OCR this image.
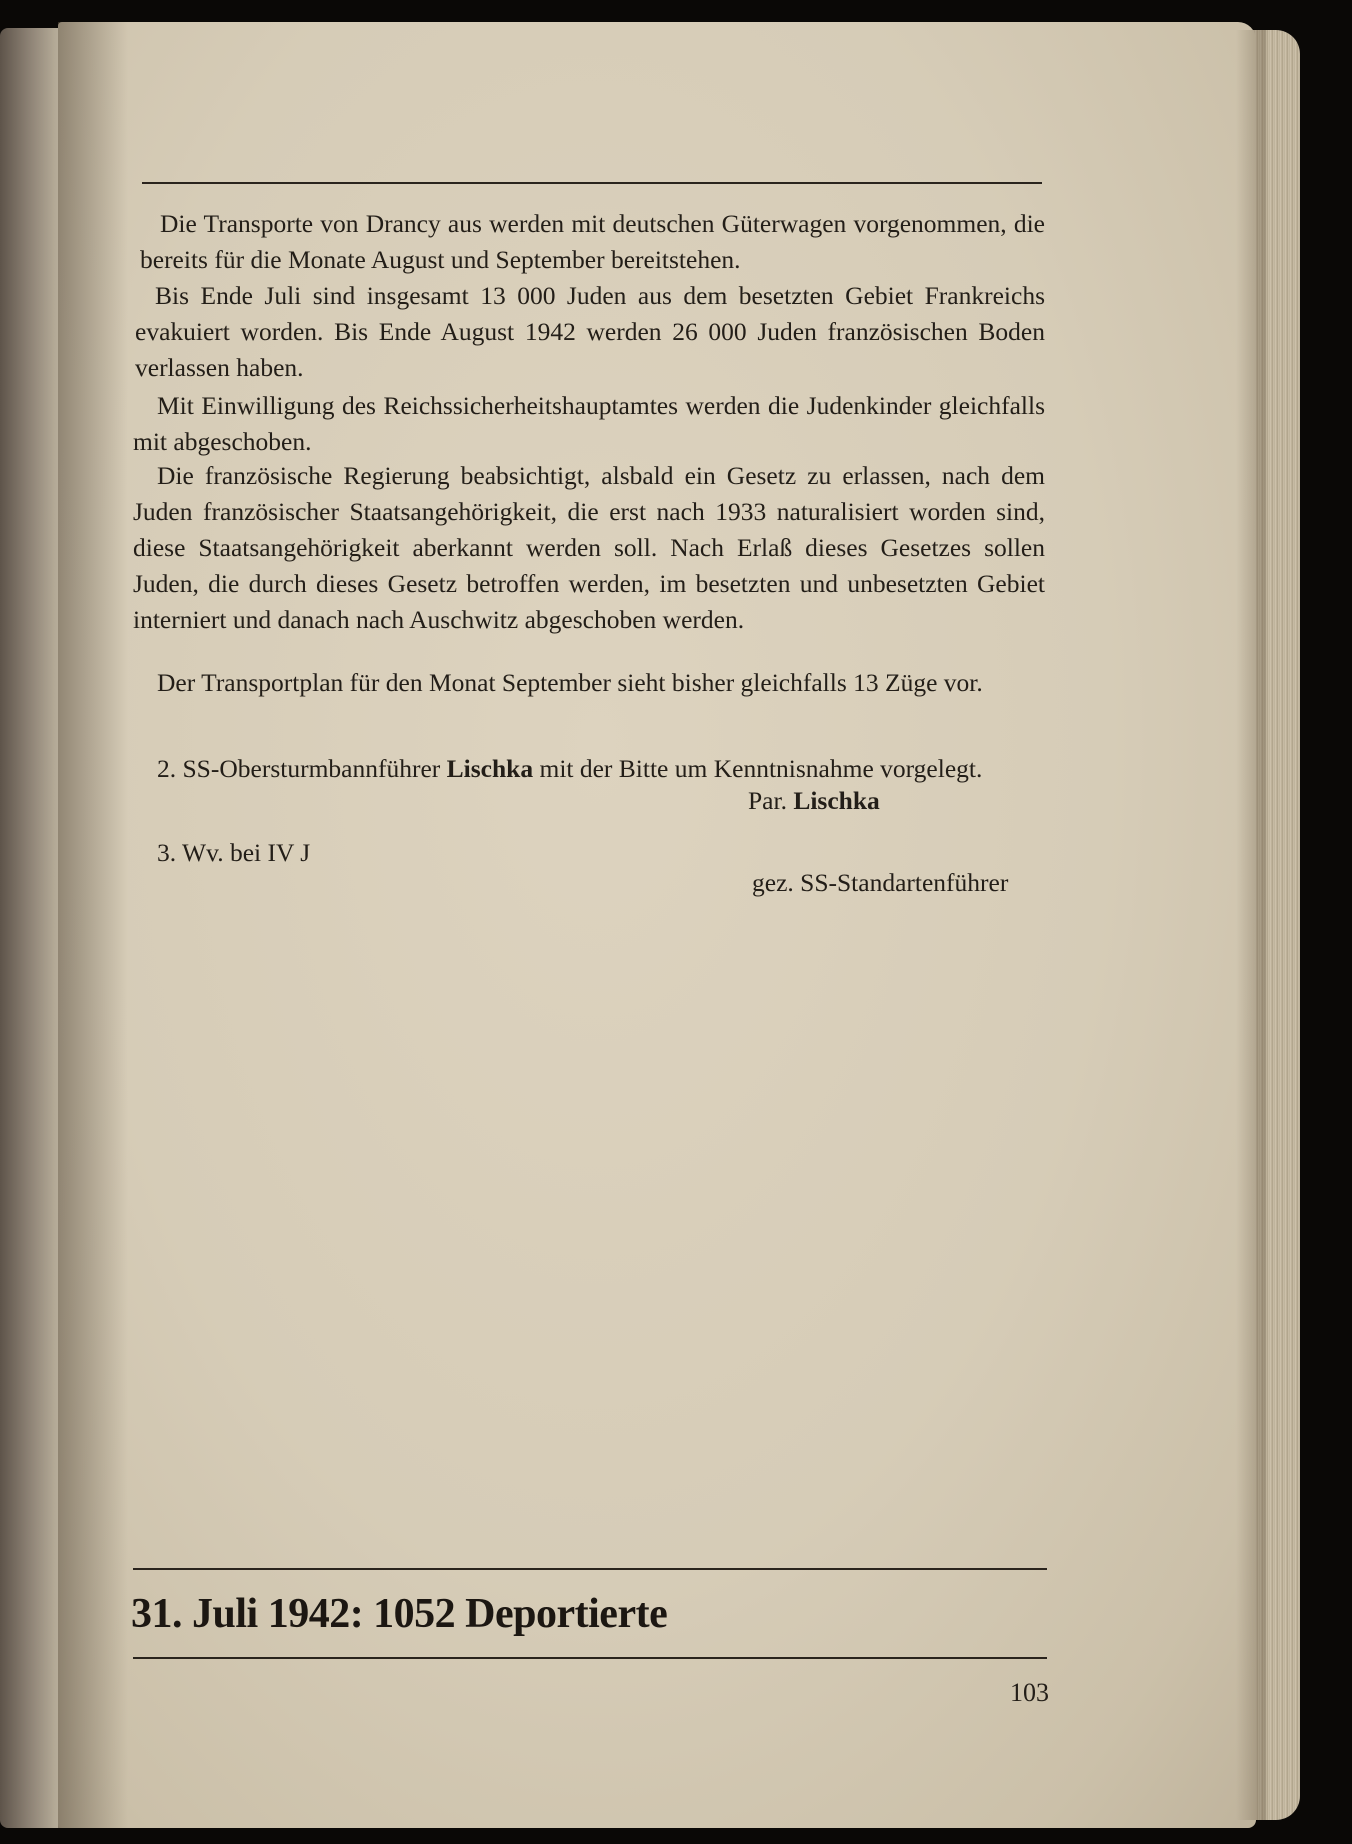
Die Transporte von Drancy aus werden mit deutschen Güterwagen vorgenommen, die bereits für die Monate August und September bereitstehen.

Bis Ende Juli sind insgesamt 13 000 Juden aus dem besetzten Gebiet Frankreichs evakuiert worden. Bis Ende August 1942 werden 26 000 Juden französischen Boden verlassen haben.

Mit Einwilligung des Reichssicherheitshauptamtes werden die Judenkinder gleichfalls mit abgeschoben.

Die französische Regierung beabsichtigt, alsbald ein Gesetz zu erlassen, nach dem Juden französischer Staatsangehörigkeit, die erst nach 1933 naturalisiert worden sind, diese Staatsangehörigkeit aberkannt werden soll. Nach Erlaß dieses Gesetzes sollen Juden, die durch dieses Gesetz betroffen werden, im besetzten und unbesetzten Gebiet interniert und danach nach Auschwitz abgeschoben werden.

Der Transportplan für den Monat September sieht bisher gleichfalls 13 Züge vor.

2. SS-Obersturmbannführer Lischka mit der Bitte um Kenntnisnahme vorgelegt.

Par. Lischka
3. Wv. bei IV J
gez. SS-Standartenführer
31. Juli 1942: 1052 Deportierte
103
